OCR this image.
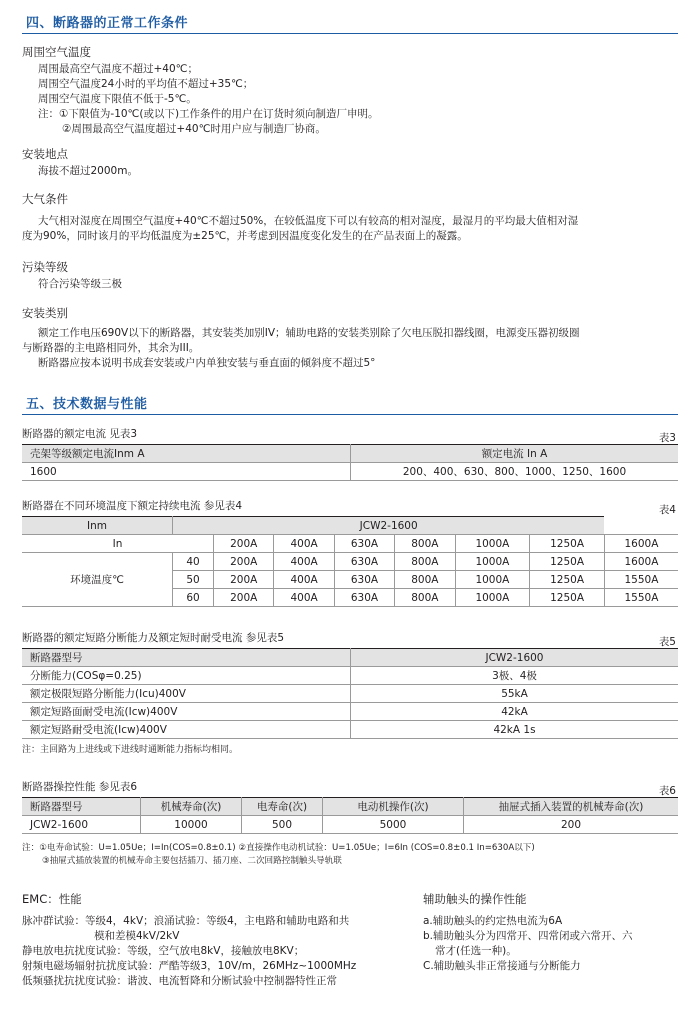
四、断路器的正常工作条件
周围空气温度
周围最高空气温度不超过+40℃；
周围空气温度24小时的平均值不超过+35℃；
周围空气温度下限值不低于-5℃。
注：①下限值为-10℃(或以下)工作条件的用户在订货时须向制造厂申明。
②周围最高空气温度超过+40℃时用户应与制造厂协商。
安装地点
海拔不超过2000m。
大气条件
大气相对湿度在周围空气温度+40℃不超过50%，在较低温度下可以有较高的相对湿度，最湿月的平均最大值相对湿
度为90%，同时该月的平均低温度为±25℃，并考虑到因温度变化发生的在产品表面上的凝露。
污染等级
符合污染等级三极
安装类别
额定工作电压690V以下的断路器，其安装类加别IV；辅助电路的安装类别除了欠电压脱扣器线圈，电源变压器初级圈
与断路器的主电路相同外，其余为III。
断路器应按本说明书成套安装或户内单独安装与垂直面的倾斜度不超过5°
五、技术数据与性能
断路器的额定电流 见表3	表3
壳架等级额定电流Inm A	额定电流 In A
1600	200、400、630、800、1000、1250、1600
断路器在不同环境温度下额定持续电流 参见表4	表4
Inm	JCW2-1600							
In		200A	400A	630A	800A	1000A	1250A	1600A
环境温度℃	40	200A	400A	630A	800A	1000A	1250A	1600A
	50	200A	400A	630A	800A	1000A	1250A	1550A
	60	200A	400A	630A	800A	1000A	1250A	1550A
断路器的额定短路分断能力及额定短时耐受电流 参见表5	表5
断路器型号	JCW2-1600
分断能力(COSφ=0.25)	3极、4极
额定极限短路分断能力(Icu)400V	55kA
额定短路面耐受电流(Icw)400V	42kA
额定短路耐受电流(Icw)400V	42kA 1s
注：主回路为上进线或下进线时通断能力指标均相同。
断路器操控性能 参见表6	表6
断路器型号	机械寿命(次)	电寿命(次)	电动机操作(次)	抽屉式插入装置的机械寿命(次)
JCW2-1600	10000	500	5000	200
注：①电寿命试验：U=1.05Ue；I=In(COS=0.8±0.1) ②直接操作电动机试验：U=1.05Ue；I=6In (COS=0.8±0.1 In=630A以下)
③抽屉式插放装置的机械寿命主要包括插刀、插刀座、二次回路控制触头导轨联
EMC：性能
脉冲群试验：等级4，4kV；浪涌试验：等级4，主电路和辅助电路和共
模和差模4kV/2kV
静电放电抗扰度试验：等级，空气放电8kV，接触放电8KV；
射频电磁场辐射抗扰度试验：严酷等级3，10V/m，26MHz~1000MHz
低频骚扰抗扰度试验：谐波、电流暂降和分断试验中控制器特性正常
辅助触头的操作性能
a.辅助触头的约定热电流为6A
b.辅助触头分为四常开、四常闭或六常开、六
常才(任选一种)。
C.辅助触头非正常接通与分断能力
